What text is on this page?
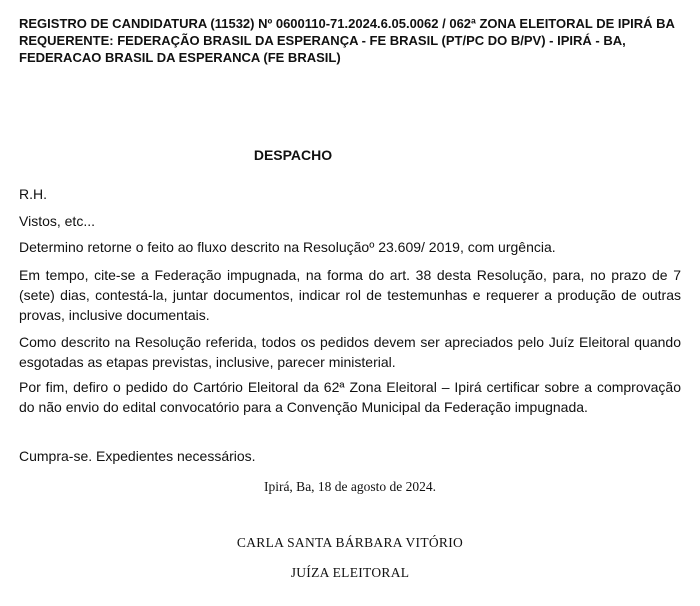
REGISTRO DE CANDIDATURA (11532) Nº 0600110-71.2024.6.05.0062 / 062ª ZONA ELEITORAL DE IPIRÁ BA
REQUERENTE: FEDERAÇÃO BRASIL DA ESPERANÇA - FE BRASIL (PT/PC DO B/PV) - IPIRÁ - BA, FEDERACAO BRASIL DA ESPERANCA (FE BRASIL)
DESPACHO

R.H.

Vistos, etc...

Determino retorne o feito ao fluxo descrito na Resoluçãoº 23.609/ 2019, com urgência.

Em tempo, cite-se a Federação impugnada, na forma do art. 38 desta Resolução, para, no prazo de 7 (sete) dias, contestá-la, juntar documentos, indicar rol de testemunhas e requerer a produção de outras provas, inclusive documentais.

Como descrito na Resolução referida, todos os pedidos devem ser apreciados pelo Juíz Eleitoral quando esgotadas as etapas previstas, inclusive, parecer ministerial.

Por fim, defiro o pedido do Cartório Eleitoral da 62ª Zona Eleitoral – Ipirá certificar sobre a comprovação do não envio do edital convocatório para a Convenção Municipal da Federação impugnada.

Cumpra-se. Expedientes necessários.

Ipirá, Ba, 18 de agosto de 2024.
CARLA SANTA BÁRBARA VITÓRIO
JUÍZA ELEITORAL
